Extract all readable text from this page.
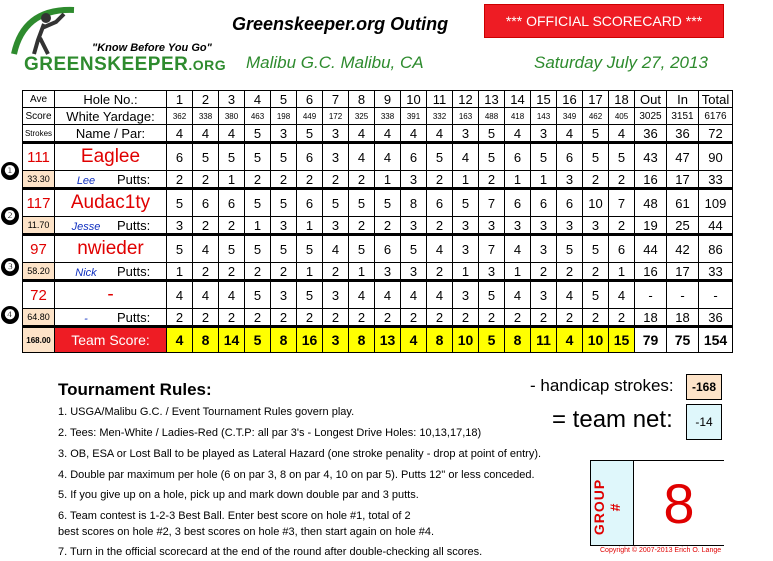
"Know Before You Go"
GREENSKEEPER.ORG
Greenskeeper.org Outing	*** OFFICIAL SCORECARD ***
Malibu G.C. Malibu, CA	Saturday July 27, 2013
❶
❷
❸
❹
Ave	Hole No.:	1	2	3	4	5	6	7	8	9	10	11	12	13	14	15	16	17	18	Out	In	Total
Score	White Yardage:	362	338	380	463	198	449	172	325	338	391	332	163	488	418	143	349	462	405	3025	3151	6176
Strokes	Name / Par:	4	4	4	5	3	5	3	4	4	4	4	3	5	4	3	4	5	4	36	36	72
111	Eaglee	6	5	5	5	5	6	3	4	4	6	5	4	5	6	5	6	5	5	43	47	90
33.30	Lee Putts:	2	2	1	2	2	2	2	2	1	3	2	1	2	1	1	3	2	2	16	17	33
117	Audac1ty	5	6	6	5	5	6	5	5	5	8	6	5	7	6	6	6	10	7	48	61	109
11.70	Jesse Putts:	3	2	2	1	3	1	3	2	2	3	2	3	3	3	3	3	3	2	19	25	44
97	nwieder	5	4	5	5	5	5	4	5	6	5	4	3	7	4	3	5	5	6	44	42	86
58.20	Nick Putts:	1	2	2	2	2	1	2	1	3	3	2	1	3	1	2	2	2	1	16	17	33
72	-	4	4	4	5	3	5	3	4	4	4	4	3	5	4	3	4	5	4	-	-	-
64.80	- Putts:	2	2	2	2	2	2	2	2	2	2	2	2	2	2	2	2	2	2	18	18	36
168.00	Team Score:	4	8	14	5	8	16	3	8	13	4	8	10	5	8	11	4	10	15	79	75	154
Tournament Rules:
1. USGA/Malibu G.C. / Event Tournament Rules govern play.
2. Tees: Men-White / Ladies-Red (C.T.P: all par 3's - Longest Drive Holes: 10,13,17,18)
3. OB, ESA or Lost Ball to be played as Lateral Hazard (one stroke penality - drop at point of entry).
4. Double par maximum per hole (6 on par 3, 8 on par 4, 10 on par 5). Putts 12" or less conceded.
5. If you give up on a hole, pick up and mark down double par and 3 putts.
6. Team contest is 1-2-3 Best Ball. Enter best score on hole #1, total of 2
best scores on hole #2, 3 best scores on hole #3, then start again on hole #4.
7. Turn in the official scorecard at the end of the round after double-checking all scores.
- handicap strokes:	-168
= team net:	-14
GROUP # 8
Copyright © 2007-2013 Erich O. Lange
